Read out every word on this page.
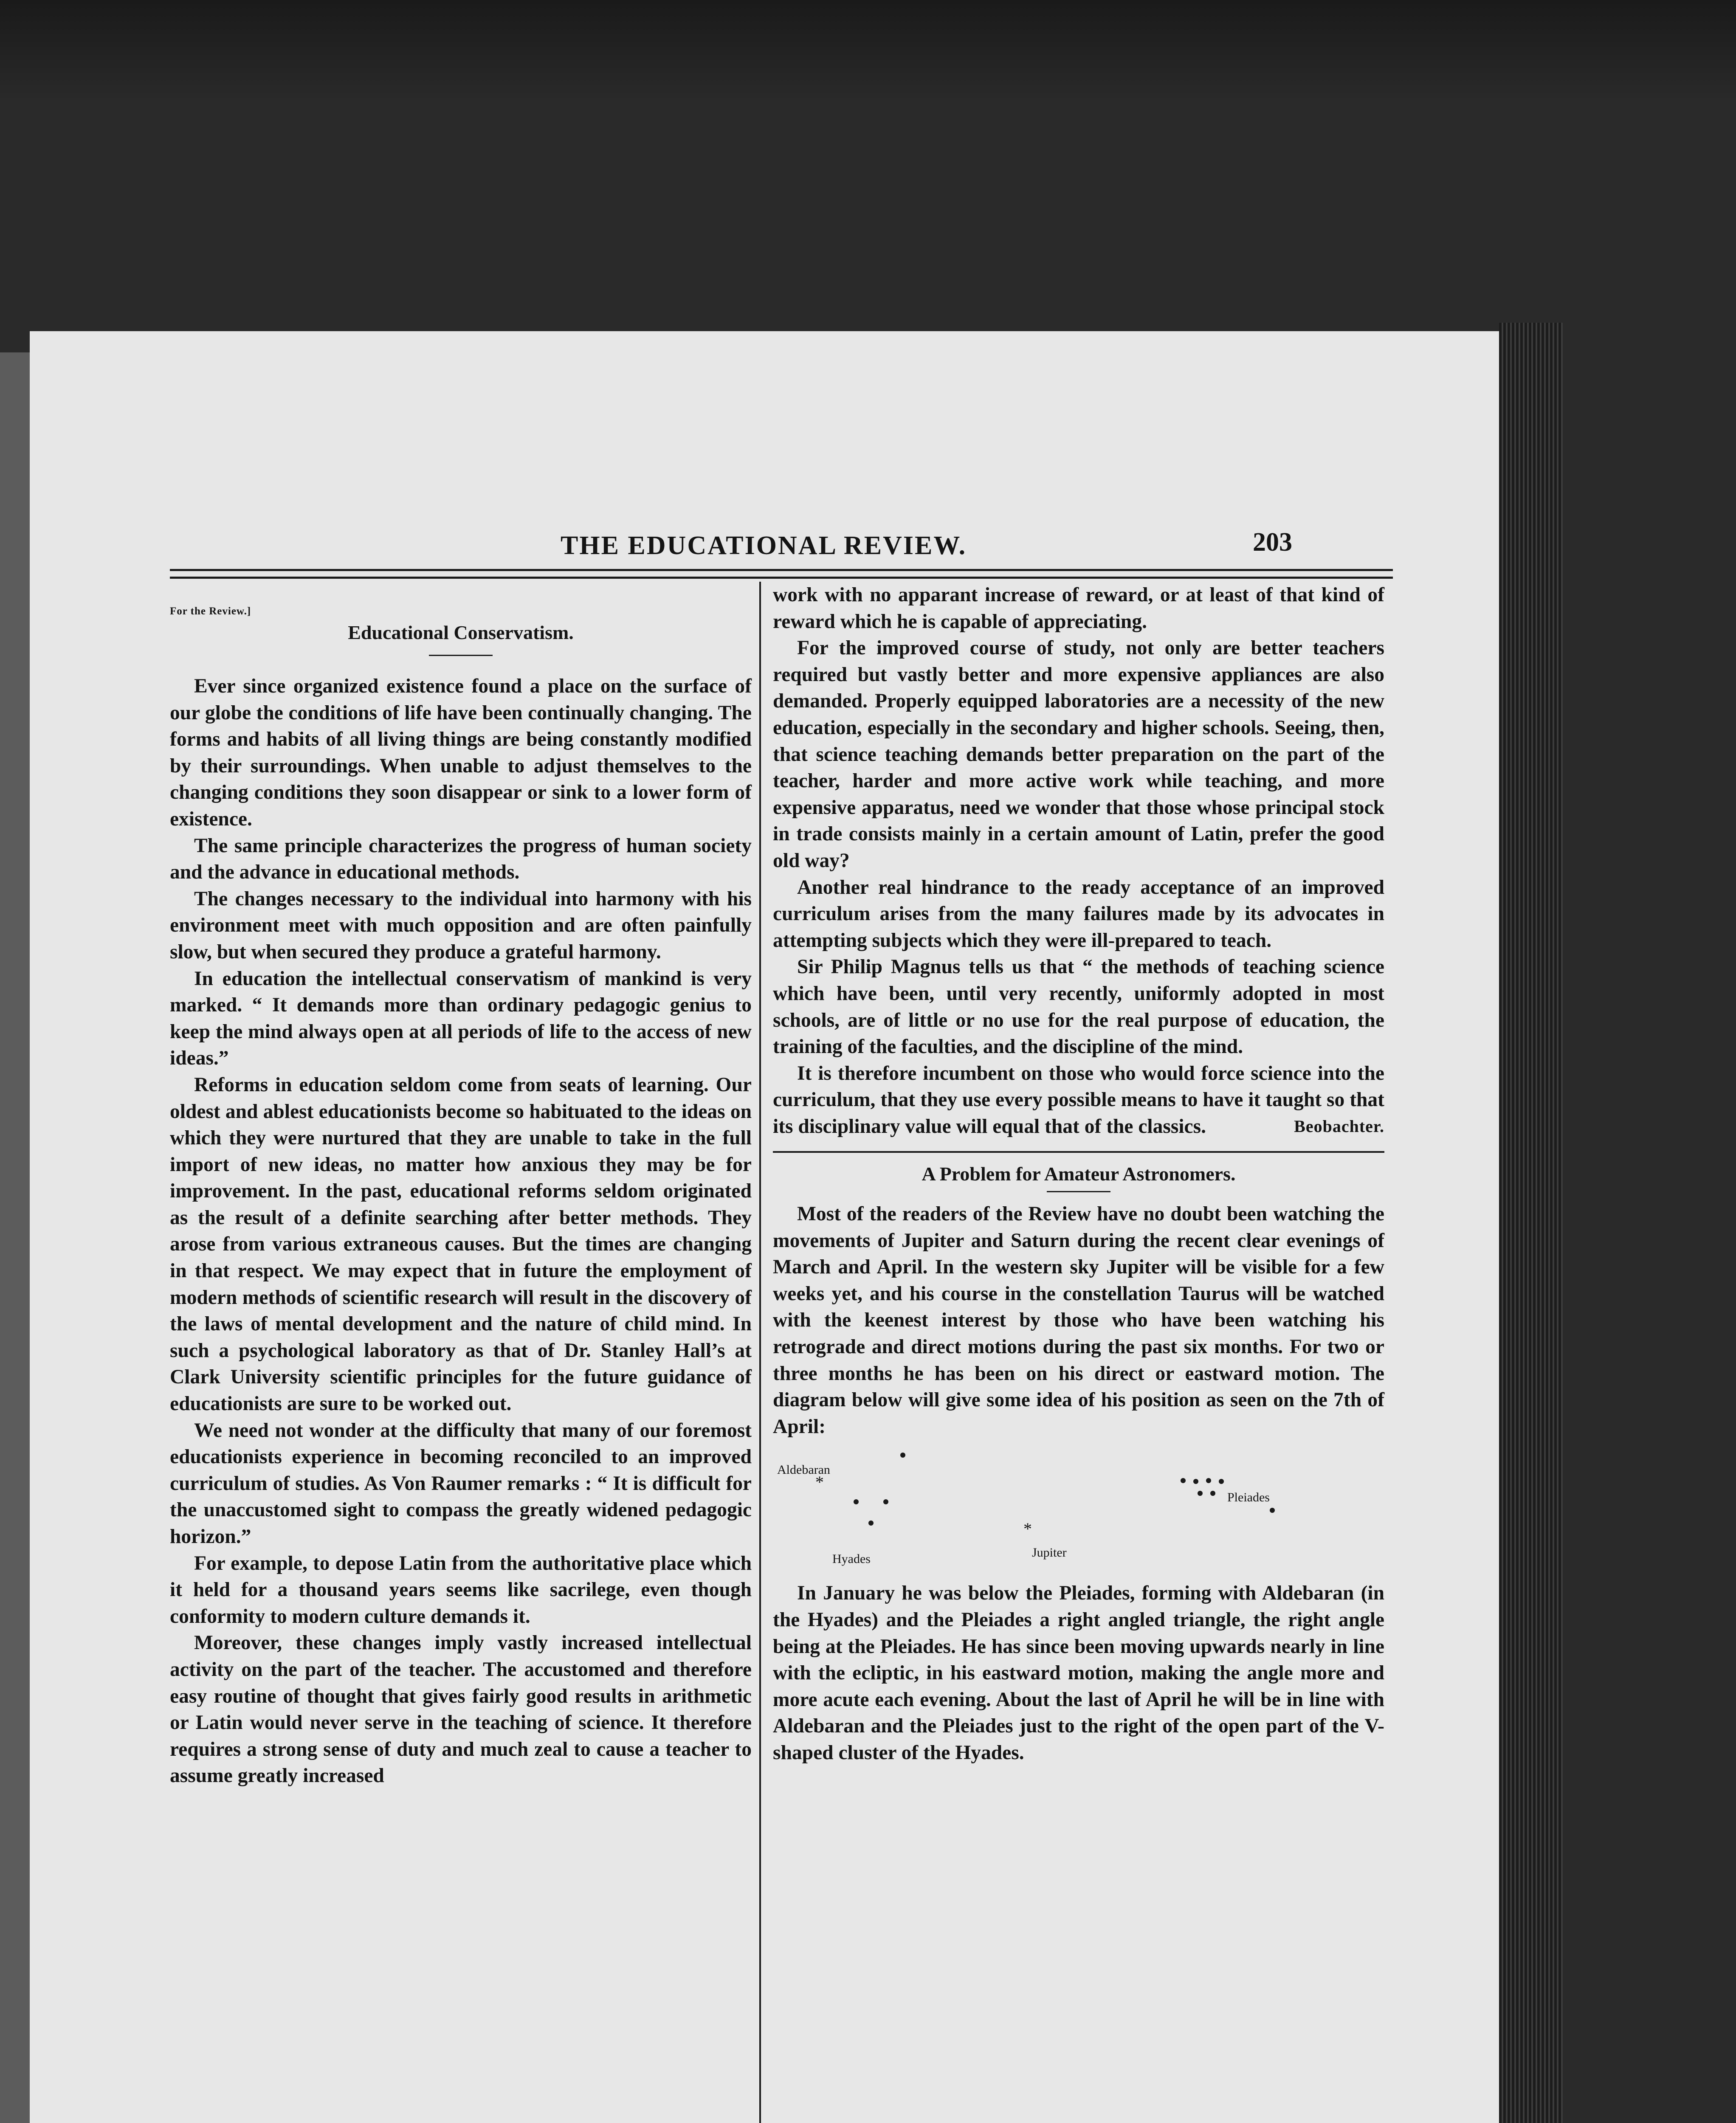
THE EDUCATIONAL REVIEW.	203
For the Review.]
Educational Conservatism.

Ever since organized existence found a place on the surface of our globe the conditions of life have been continually changing. The forms and habits of all living things are being constantly modified by their surroundings. When unable to adjust themselves to the changing conditions they soon disappear or sink to a lower form of existence.

The same principle characterizes the progress of human society and the advance in educational methods.

The changes necessary to the individual into harmony with his environment meet with much opposition and are often painfully slow, but when secured they produce a grateful harmony.

In education the intellectual conservatism of mankind is very marked. “ It demands more than ordinary pedagogic genius to keep the mind always open at all periods of life to the access of new ideas.”

Reforms in education seldom come from seats of learning. Our oldest and ablest educationists become so habituated to the ideas on which they were nurtured that they are unable to take in the full import of new ideas, no matter how anxious they may be for improvement. In the past, educational reforms seldom originated as the result of a definite searching after better methods. They arose from various extraneous causes. But the times are changing in that respect. We may expect that in future the employment of modern methods of scientific research will result in the discovery of the laws of mental development and the nature of child mind. In such a psychological laboratory as that of Dr. Stanley Hall’s at Clark University scientific principles for the future guidance of educationists are sure to be worked out.

We need not wonder at the difficulty that many of our foremost educationists experience in becoming reconciled to an improved curriculum of studies. As Von Raumer remarks : “ It is difficult for the unaccustomed sight to compass the greatly widened pedagogic horizon.”

For example, to depose Latin from the authoritative place which it held for a thousand years seems like sacrilege, even though conformity to modern culture demands it.

Moreover, these changes imply vastly increased intellectual activity on the part of the teacher. The accustomed and therefore easy routine of thought that gives fairly good results in arithmetic or Latin would never serve in the teaching of science. It therefore requires a strong sense of duty and much zeal to cause a teacher to assume greatly increased

work with no apparant increase of reward, or at least of that kind of reward which he is capable of appreciating.

For the improved course of study, not only are better teachers required but vastly better and more expensive appliances are also demanded. Properly equipped laboratories are a necessity of the new education, especially in the secondary and higher schools. Seeing, then, that science teaching demands better preparation on the part of the teacher, harder and more active work while teaching, and more expensive apparatus, need we wonder that those whose principal stock in trade consists mainly in a certain amount of Latin, prefer the good old way?

Another real hindrance to the ready acceptance of an improved curriculum arises from the many failures made by its advocates in attempting subjects which they were ill-prepared to teach.

Sir Philip Magnus tells us that “ the methods of teaching science which have been, until very recently, uniformly adopted in most schools, are of little or no use for the real purpose of education, the training of the faculties, and the discipline of the mind.

It is therefore incumbent on those who would force science into the curriculum, that they use every possible means to have it taught so that its disciplinary value will equal that of the classics.	Beobachter.
A Problem for Amateur Astronomers.

Most of the readers of the Review have no doubt been watching the movements of Jupiter and Saturn during the recent clear evenings of March and April. In the western sky Jupiter will be visible for a few weeks yet, and his course in the constellation Taurus will be watched with the keenest interest by those who have been watching his retrograde and direct motions during the past six months. For two or three months he has been on his direct or eastward motion. The diagram below will give some idea of his position as seen on the 7th of April:

Aldebaran
*
Hyades
*
Jupiter
Pleiades

In January he was below the Pleiades, forming with Aldebaran (in the Hyades) and the Pleiades a right angled triangle, the right angle being at the Pleiades. He has since been moving upwards nearly in line with the ecliptic, in his eastward motion, making the angle more and more acute each evening. About the last of April he will be in line with Aldebaran and the Pleiades just to the right of the open part of the V-shaped cluster of the Hyades.
